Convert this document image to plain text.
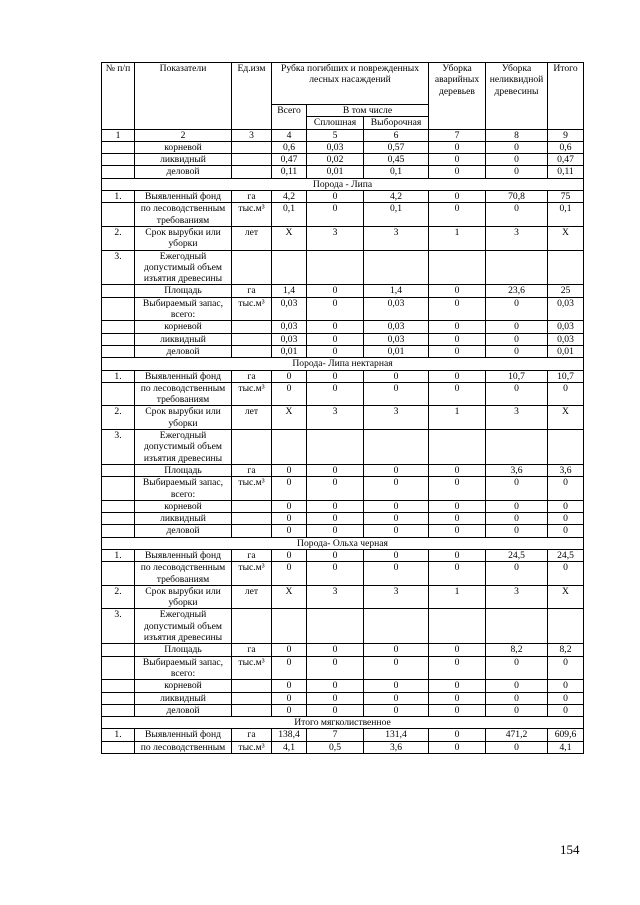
№ п/п	Показатели	Ед.изм	Рубка погибших и поврежденных лесных насаждений			Уборка аварийных деревьев	Уборка неликвидной древесины	Итого
			Всего	В том числе				
				Сплошная	Выборочная			
1	2	3	4	5	6	7	8	9
	корневой		0,6	0,03	0,57	0	0	0,6
	ликвидный		0,47	0,02	0,45	0	0	0,47
	деловой		0,11	0,01	0,1	0	0	0,11
Порода - Липа								
1.	Выявленный фонд	га	4,2	0	4,2	0	70,8	75
	по лесоводственным требованиям	тыс.м³	0,1	0	0,1	0	0	0,1
2.	Срок вырубки или уборки	лет	Х	3	3	1	3	Х
3.	Ежегодный допустимый объем изъятия древесины							
	Площадь	га	1,4	0	1,4	0	23,6	25
	Выбираемый запас, всего:	тыс.м³	0,03	0	0,03	0	0	0,03
	корневой		0,03	0	0,03	0	0	0,03
	ликвидный		0,03	0	0,03	0	0	0,03
	деловой		0,01	0	0,01	0	0	0,01
Порода- Липа нектарная								
1.	Выявленный фонд	га	0	0	0	0	10,7	10,7
	по лесоводственным требованиям	тыс.м³	0	0	0	0	0	0
2.	Срок вырубки или уборки	лет	Х	3	3	1	3	Х
3.	Ежегодный допустимый объем изъятия древесины							
	Площадь	га	0	0	0	0	3,6	3,6
	Выбираемый запас, всего:	тыс.м³	0	0	0	0	0	0
	корневой		0	0	0	0	0	0
	ликвидный		0	0	0	0	0	0
	деловой		0	0	0	0	0	0
Порода- Ольха черная								
1.	Выявленный фонд	га	0	0	0	0	24,5	24,5
	по лесоводственным требованиям	тыс.м³	0	0	0	0	0	0
2.	Срок вырубки или уборки	лет	Х	3	3	1	3	Х
3.	Ежегодный допустимый объем изъятия древесины							
	Площадь	га	0	0	0	0	8,2	8,2
	Выбираемый запас, всего:	тыс.м³	0	0	0	0	0	0
	корневой		0	0	0	0	0	0
	ликвидный		0	0	0	0	0	0
	деловой		0	0	0	0	0	0
Итого мягколиственное								
1.	Выявленный фонд	га	138,4	7	131,4	0	471,2	609,6
	по лесоводственным	тыс.м³	4,1	0,5	3,6	0	0	4,1
154
